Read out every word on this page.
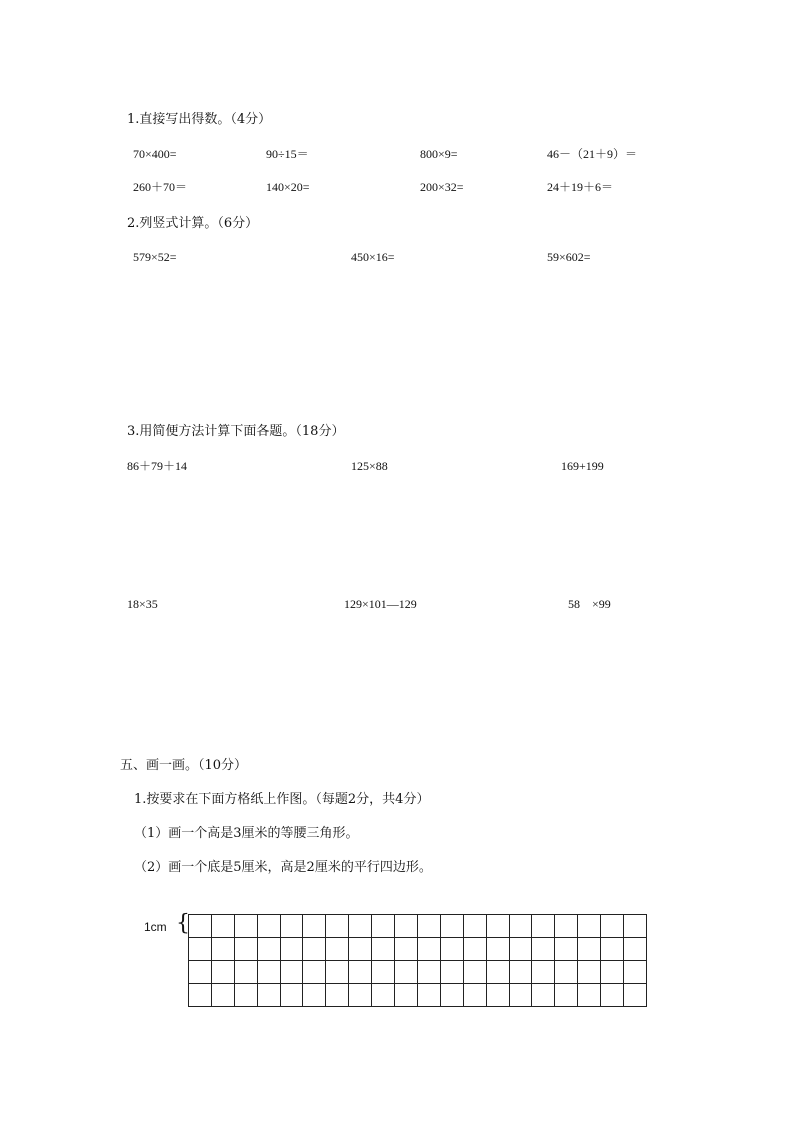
1.直接写出得数。（4分）
70×400=	90÷15＝	800×9=	46－（21＋9）＝
260＋70＝	140×20=	200×32=	24＋19＋6＝
2.列竖式计算。（6分）
579×52=	450×16=	59×602=
3.用简便方法计算下面各题。（18分）
86＋79＋14	125×88	169+199
18×35	129×101—129	58    ×99
五、画一画。（10分）
1.按要求在下面方格纸上作图。（每题2分，共4分）
（1）画一个高是3厘米的等腰三角形。
（2）画一个底是5厘米，高是2厘米的平行四边形。
1cm {
